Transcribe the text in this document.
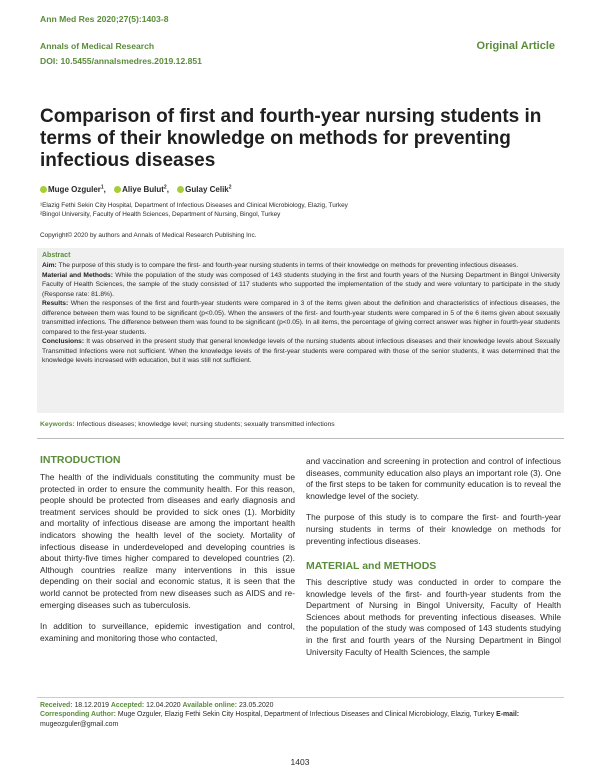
Ann Med Res 2020;27(5):1403-8
Annals of Medical Research
DOI: 10.5455/annalsmedres.2019.12.851
Original Article
Comparison of first and fourth-year nursing students in terms of their knowledge on methods for preventing infectious diseases
Muge Ozguler$^1$, Aliye Bulut$^2$, Gulay Celik$^2$
¹Elazig Fethi Sekin City Hospital, Department of Infectious Diseases and Clinical Microbiology, Elazig, Turkey
²Bingol University, Faculty of Health Sciences, Department of Nursing, Bingol, Turkey
Copyright© 2020 by authors and Annals of Medical Research Publishing Inc.
Abstract

Aim: The purpose of this study is to compare the first- and fourth-year nursing students in terms of their knowledge on methods for preventing infectious diseases.

Material and Methods: While the population of the study was composed of 143 students studying in the first and fourth years of the Nursing Department in Bingol University Faculty of Health Sciences, the sample of the study consisted of 117 students who supported the implementation of the study and were voluntary to participate in the study (Response rate: 81.8%).

Results: When the responses of the first and fourth-year students were compared in 3 of the items given about the definition and characteristics of infectious diseases, the difference between them was found to be significant (p<0.05). When the answers of the first- and fourth-year students were compared in 5 of the 6 items given about sexually transmitted infections. The difference between them was found to be significant (p<0.05). In all items, the percentage of giving correct answer was higher in fourth-year students compared to the first-year students.

Conclusions: It was observed in the present study that general knowledge levels of the nursing students about infectious diseases and their knowledge levels about Sexually Transmitted Infections were not sufficient. When the knowledge levels of the first-year students were compared with those of the senior students, it was determined that the knowledge levels increased with education, but it was still not sufficient.

Keywords: Infectious diseases; knowledge level; nursing students; sexually transmitted infections
INTRODUCTION

The health of the individuals constituting the community must be protected in order to ensure the community health. For this reason, people should be protected from diseases and early diagnosis and treatment services should be provided to sick ones (1). Morbidity and mortality of infectious disease are among the important health indicators showing the health level of the society. Mortality of infectious disease in underdeveloped and developing countries is about thirty-five times higher compared to developed countries (2). Although countries realize many interventions in this issue depending on their social and economic status, it is seen that the world cannot be protected from new diseases such as AIDS and re-emerging diseases such as tuberculosis.

In addition to surveillance, epidemic investigation and control, examining and monitoring those who contacted,

and vaccination and screening in protection and control of infectious diseases, community education also plays an important role (3). One of the first steps to be taken for community education is to reveal the knowledge level of the society.

The purpose of this study is to compare the first- and fourth-year nursing students in terms of their knowledge on methods for preventing infectious diseases.

MATERIAL and METHODS

This descriptive study was conducted in order to compare the knowledge levels of the first- and fourth-year students from the Department of Nursing in Bingol University, Faculty of Health Sciences about methods for preventing infectious diseases. While the population of the study was composed of 143 students studying in the first and fourth years of the Nursing Department in Bingol University Faculty of Health Sciences, the sample

Received: 18.12.2019 Accepted: 12.04.2020 Available online: 23.05.2020
Corresponding Author: Muge Ozguler, Elazig Fethi Sekin City Hospital, Department of Infectious Diseases and Clinical Microbiology, Elazig, Turkey E-mail: mugeozguler@gmail.com
1403
